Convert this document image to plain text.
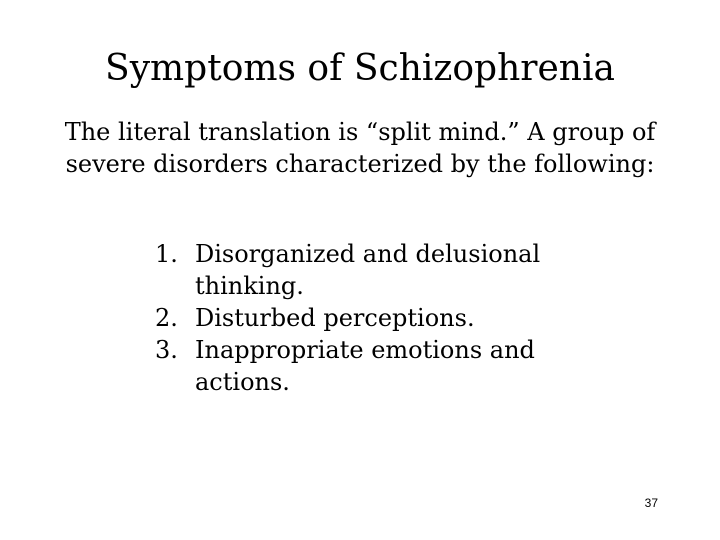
Symptoms of Schizophrenia

The literal translation is “split mind.” A group of severe disorders characterized by the following:

1. Disorganized and delusional thinking.
2. Disturbed perceptions.
3. Inappropriate emotions and actions.
37
